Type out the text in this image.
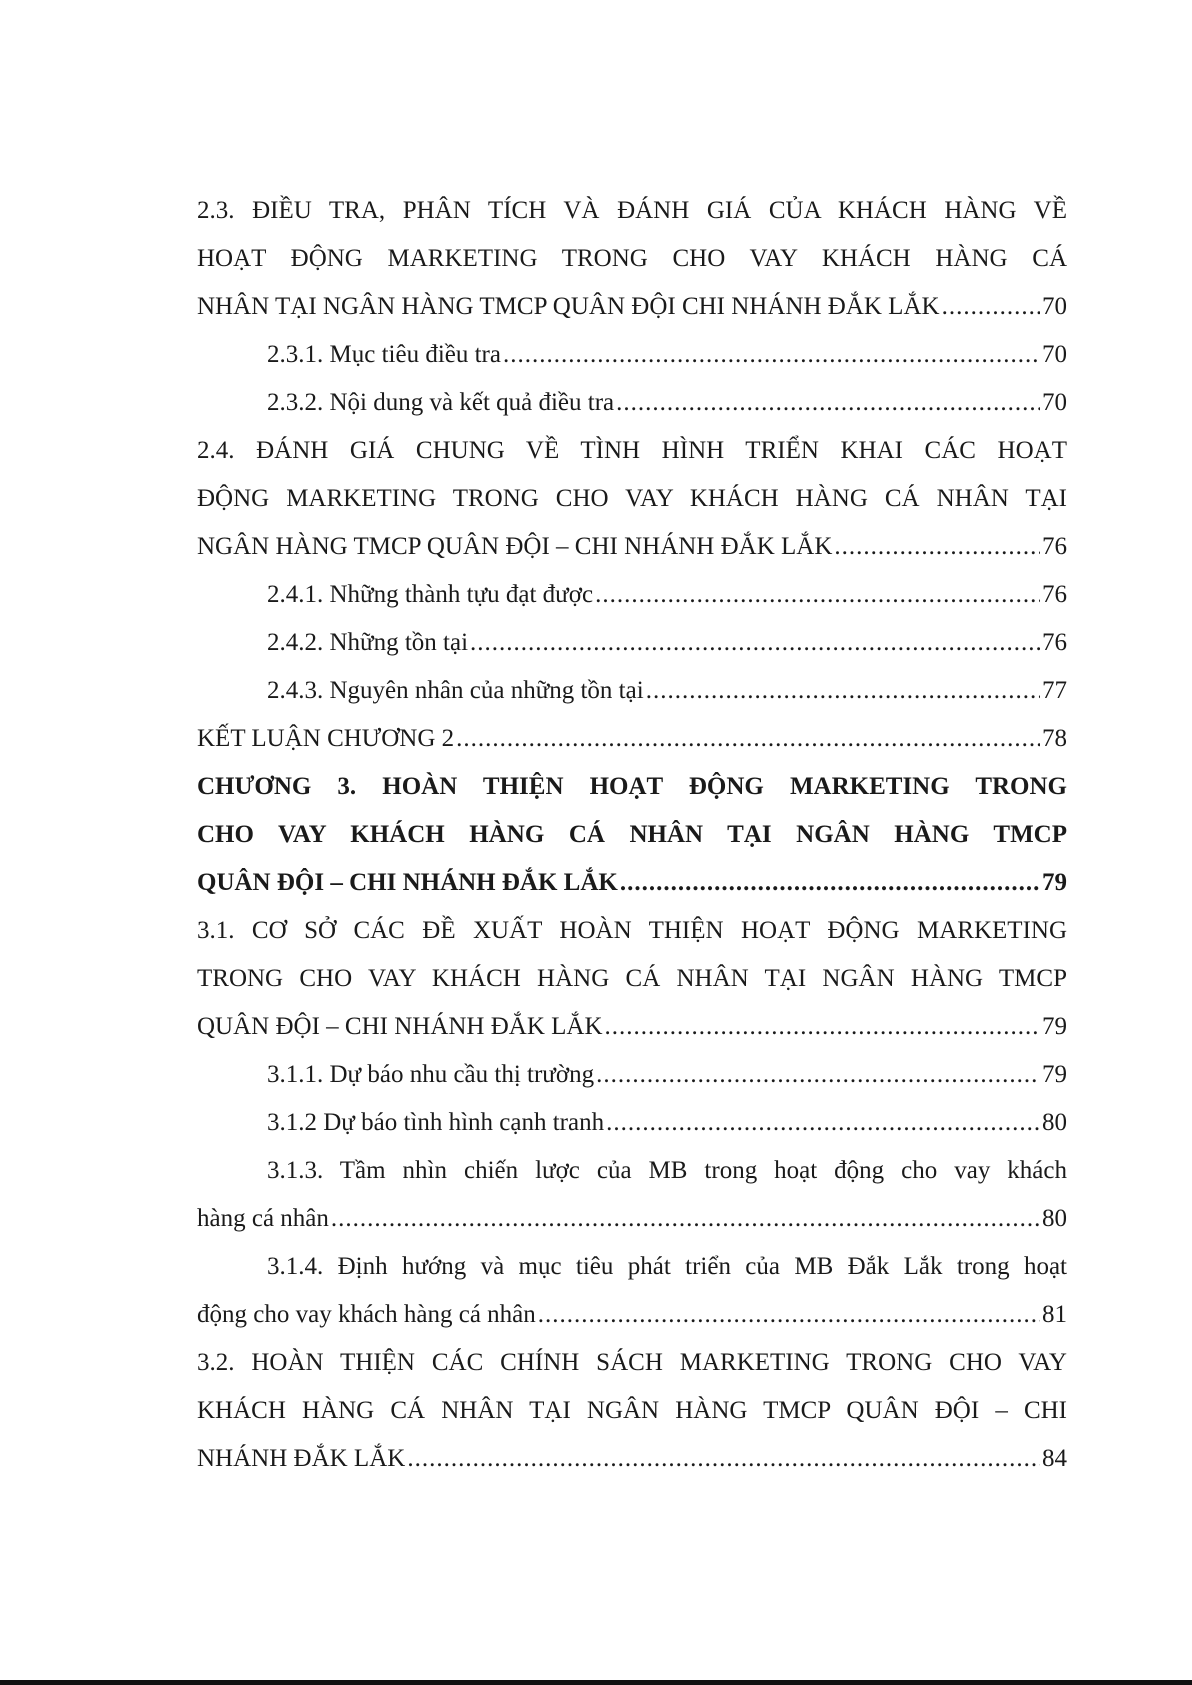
2.3. ĐIỀU TRA, PHÂN TÍCH VÀ ĐÁNH GIÁ CỦA KHÁCH HÀNG VỀ
HOẠT ĐỘNG MARKETING TRONG CHO VAY KHÁCH HÀNG CÁ
NHÂN TẠI NGÂN HÀNG TMCP QUÂN ĐỘI CHI NHÁNH ĐẮK LẮK .....	70
2.3.1. Mục tiêu điều tra .....	70
2.3.2. Nội dung và kết quả điều tra .....	70
2.4. ĐÁNH GIÁ CHUNG VỀ TÌNH HÌNH TRIỂN KHAI CÁC HOẠT
ĐỘNG MARKETING TRONG CHO VAY KHÁCH HÀNG CÁ NHÂN TẠI
NGÂN HÀNG TMCP QUÂN ĐỘI – CHI NHÁNH ĐẮK LẮK .....	76
2.4.1. Những thành tựu đạt được .....	76
2.4.2. Những tồn tại .....	76
2.4.3. Nguyên nhân của những tồn tại .....	77
KẾT LUẬN CHƯƠNG 2 .....	78
CHƯƠNG 3. HOÀN THIỆN HOẠT ĐỘNG MARKETING TRONG
CHO VAY KHÁCH HÀNG CÁ NHÂN TẠI NGÂN HÀNG TMCP
QUÂN ĐỘI – CHI NHÁNH ĐẮK LẮK .....	79
3.1. CƠ SỞ CÁC ĐỀ XUẤT HOÀN THIỆN HOẠT ĐỘNG MARKETING
TRONG CHO VAY KHÁCH HÀNG CÁ NHÂN TẠI NGÂN HÀNG TMCP
QUÂN ĐỘI – CHI NHÁNH ĐẮK LẮK .....	79
3.1.1. Dự báo nhu cầu thị trường .....	79
3.1.2 Dự báo tình hình cạnh tranh .....	80
3.1.3. Tầm nhìn chiến lược của MB trong hoạt động cho vay khách
hàng cá nhân .....	80
3.1.4. Định hướng và mục tiêu phát triển của MB Đắk Lắk trong hoạt
động cho vay khách hàng cá nhân .....	81
3.2. HOÀN THIỆN CÁC CHÍNH SÁCH MARKETING TRONG CHO VAY
KHÁCH HÀNG CÁ NHÂN TẠI NGÂN HÀNG TMCP QUÂN ĐỘI – CHI
NHÁNH ĐẮK LẮK .....	84
